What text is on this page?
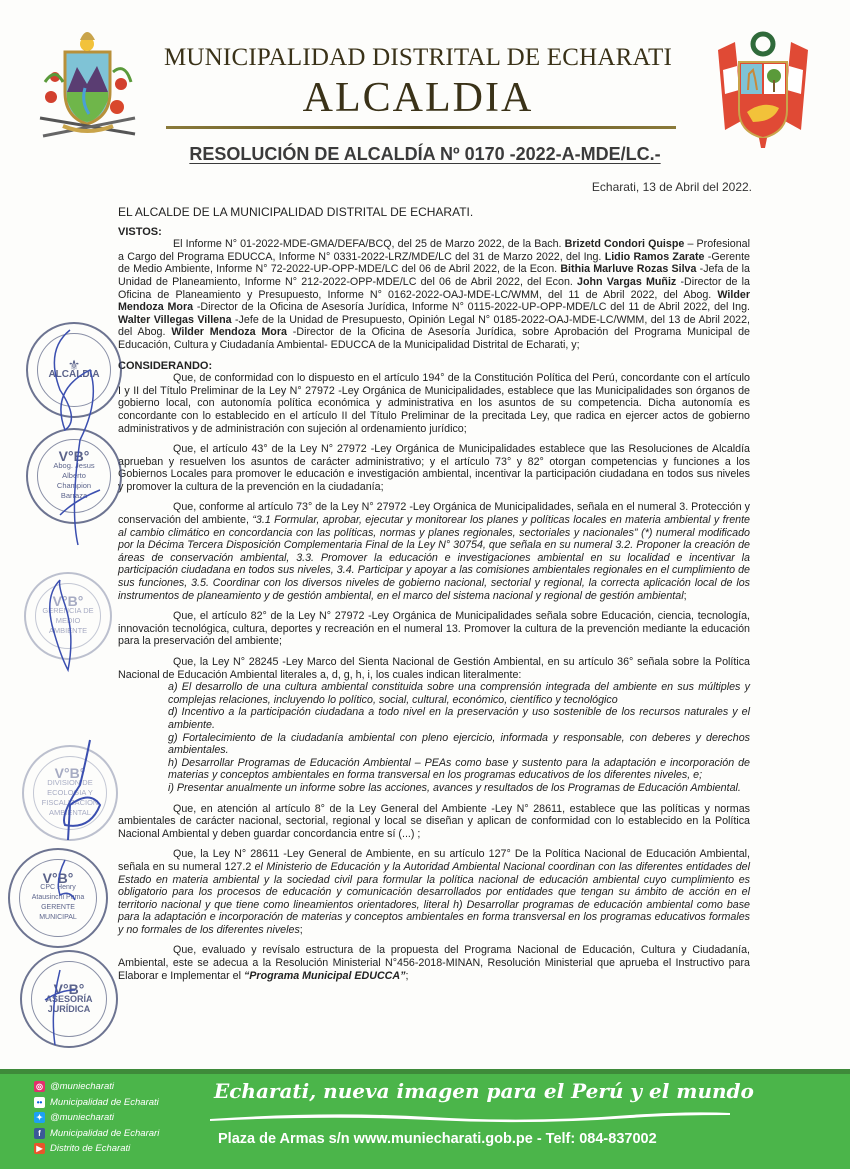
MUNICIPALIDAD DISTRITAL DE ECHARATI
ALCALDIA
RESOLUCIÓN DE ALCALDÍA Nº 0170 -2022-A-MDE/LC.-
Echarati, 13 de Abril del 2022.

EL ALCALDE DE LA MUNICIPALIDAD DISTRITAL DE ECHARATI.

VISTOS:

El Informe N° 01-2022-MDE-GMA/DEFA/BCQ, del 25 de Marzo 2022, de la Bach. Brizetd Condori Quispe – Profesional a Cargo del Programa EDUCCA, Informe N° 0331-2022-LRZ/MDE/LC del 31 de Marzo 2022, del Ing. Lidio Ramos Zarate -Gerente de Medio Ambiente, Informe N° 72-2022-UP-OPP-MDE/LC del 06 de Abril 2022, de la Econ. Bithia Marluve Rozas Silva -Jefa de la Unidad de Planeamiento, Informe N° 212-2022-OPP-MDE/LC del 06 de Abril 2022, del Econ. John Vargas Muñiz -Director de la Oficina de Planeamiento y Presupuesto, Informe N° 0162-2022-OAJ-MDE-LC/WMM, del 11 de Abril 2022, del Abog. Wilder Mendoza Mora -Director de la Oficina de Asesoría Jurídica, Informe N° 0115-2022-UP-OPP-MDE/LC del 11 de Abril 2022, del Ing. Walter Villegas Villena -Jefe de la Unidad de Presupuesto, Opinión Legal N° 0185-2022-OAJ-MDE-LC/WMM, del 13 de Abril 2022, del Abog. Wilder Mendoza Mora -Director de la Oficina de Asesoría Jurídica, sobre Aprobación del Programa Municipal de Educación, Cultura y Ciudadanía Ambiental- EDUCCA de la Municipalidad Distrital de Echarati, y;

CONSIDERANDO:

Que, de conformidad con lo dispuesto en el artículo 194° de la Constitución Política del Perú, concordante con el artículo I y II del Título Preliminar de la Ley N° 27972 -Ley Orgánica de Municipalidades, establece que las Municipalidades son órganos de gobierno local, con autonomía política económica y administrativa en los asuntos de su competencia. Dicha autonomía es concordante con lo establecido en el artículo II del Título Preliminar de la precitada Ley, que radica en ejercer actos de gobierno administrativos y de administración con sujeción al ordenamiento jurídico;

Que, el artículo 43° de la Ley N° 27972 -Ley Orgánica de Municipalidades establece que las Resoluciones de Alcaldía aprueban y resuelven los asuntos de carácter administrativo; y el artículo 73° y 82° otorgan competencias y funciones a los Gobiernos Locales para promover le educación e investigación ambiental, incentivar la participación ciudadana en todos sus niveles y promover la cultura de la prevención en la ciudadanía;

Que, conforme al artículo 73° de la Ley N° 27972 -Ley Orgánica de Municipalidades, señala en el numeral 3. Protección y conservación del ambiente, “3.1 Formular, aprobar, ejecutar y monitorear los planes y políticas locales en materia ambiental y frente al cambio climático en concordancia con las políticas, normas y planes regionales, sectoriales y nacionales” (*) numeral modificado por la Décima Tercera Disposición Complementaria Final de la Ley N° 30754, que señala en su numeral 3.2. Proponer la creación de áreas de conservación ambiental, 3.3. Promover la educación e investigaciones ambiental en su localidad e incentivar la participación ciudadana en todos sus niveles, 3.4. Participar y apoyar a las comisiones ambientales regionales en el cumplimiento de sus funciones, 3.5. Coordinar con los diversos niveles de gobierno nacional, sectorial y regional, la correcta aplicación local de los instrumentos de planeamiento y de gestión ambiental, en el marco del sistema nacional y regional de gestión ambiental;

Que, el artículo 82° de la Ley N° 27972 -Ley Orgánica de Municipalidades señala sobre Educación, ciencia, tecnología, innovación tecnológica, cultura, deportes y recreación en el numeral 13. Promover la cultura de la prevención mediante la educación para la preservación del ambiente;

Que, la Ley N° 28245 -Ley Marco del Sienta Nacional de Gestión Ambiental, en su artículo 36° señala sobre la Política Nacional de Educación Ambiental literales a, d, g, h, i, los cuales indican literalmente:

a) El desarrollo de una cultura ambiental constituida sobre una comprensión integrada del ambiente en sus múltiples y complejas relaciones, incluyendo lo político, social, cultural, económico, científico y tecnológico

d) Incentivo a la participación ciudadana a todo nivel en la preservación y uso sostenible de los recursos naturales y el ambiente.

g) Fortalecimiento de la ciudadanía ambiental con pleno ejercicio, informada y responsable, con deberes y derechos ambientales.

h) Desarrollar Programas de Educación Ambiental – PEAs como base y sustento para la adaptación e incorporación de materias y conceptos ambientales en forma transversal en los programas educativos de los diferentes niveles, e;

i) Presentar anualmente un informe sobre las acciones, avances y resultados de los Programas de Educación Ambiental.

Que, en atención al artículo 8° de la Ley General del Ambiente -Ley N° 28611, establece que las políticas y normas ambientales de carácter nacional, sectorial, regional y local se diseñan y aplican de conformidad con lo establecido en la Política Nacional Ambiental y deben guardar concordancia entre sí (...) ;

Que, la Ley N° 28611 -Ley General de Ambiente, en su artículo 127° De la Política Nacional de Educación Ambiental, señala en su numeral 127.2 el Ministerio de Educación y la Autoridad Ambiental Nacional coordinan con las diferentes entidades del Estado en materia ambiental y la sociedad civil para formular la política nacional de educación ambiental cuyo cumplimiento es obligatorio para los procesos de educación y comunicación desarrollados por entidades que tengan su ámbito de acción en el territorio nacional y que tiene como lineamientos orientadores, literal h) Desarrollar programas de educación ambiental como base para la adaptación e incorporación de materias y conceptos ambientales en forma transversal en los programas educativos formales y no formales de los diferentes niveles;

Que, evaluado y revísalo estructura de la propuesta del Programa Nacional de Educación, Cultura y Ciudadanía, Ambiental, este se adecua a la Resolución Ministerial N°456-2018-MINAN, Resolución Ministerial que aprueba el Instructivo para Elaborar e Implementar el “Programa Municipal EDUCCA”;

⚜
ALCALDIA
V°B°
Abog. Jesus Alberto Champion Barraza
V°B°
GERENCIA DE MEDIO AMBIENTE
V°B°
DIVISION DE ECOLOGIA Y FISCALIZACION AMBIENTAL
V°B°
CPC Henry Atausinchi Puma GERENTE MUNICIPAL
V°B°
ASESORÍA JURÍDICA
◎ @muniecharati
•• Municipalidad de Echarati
✦ @muniecharati
f Municipalidad de Echarari
▶ Distrito de Echarati
Echarati, nueva imagen para el Perú y el mundo
Plaza de Armas s/n www.muniecharati.gob.pe - Telf: 084-837002
